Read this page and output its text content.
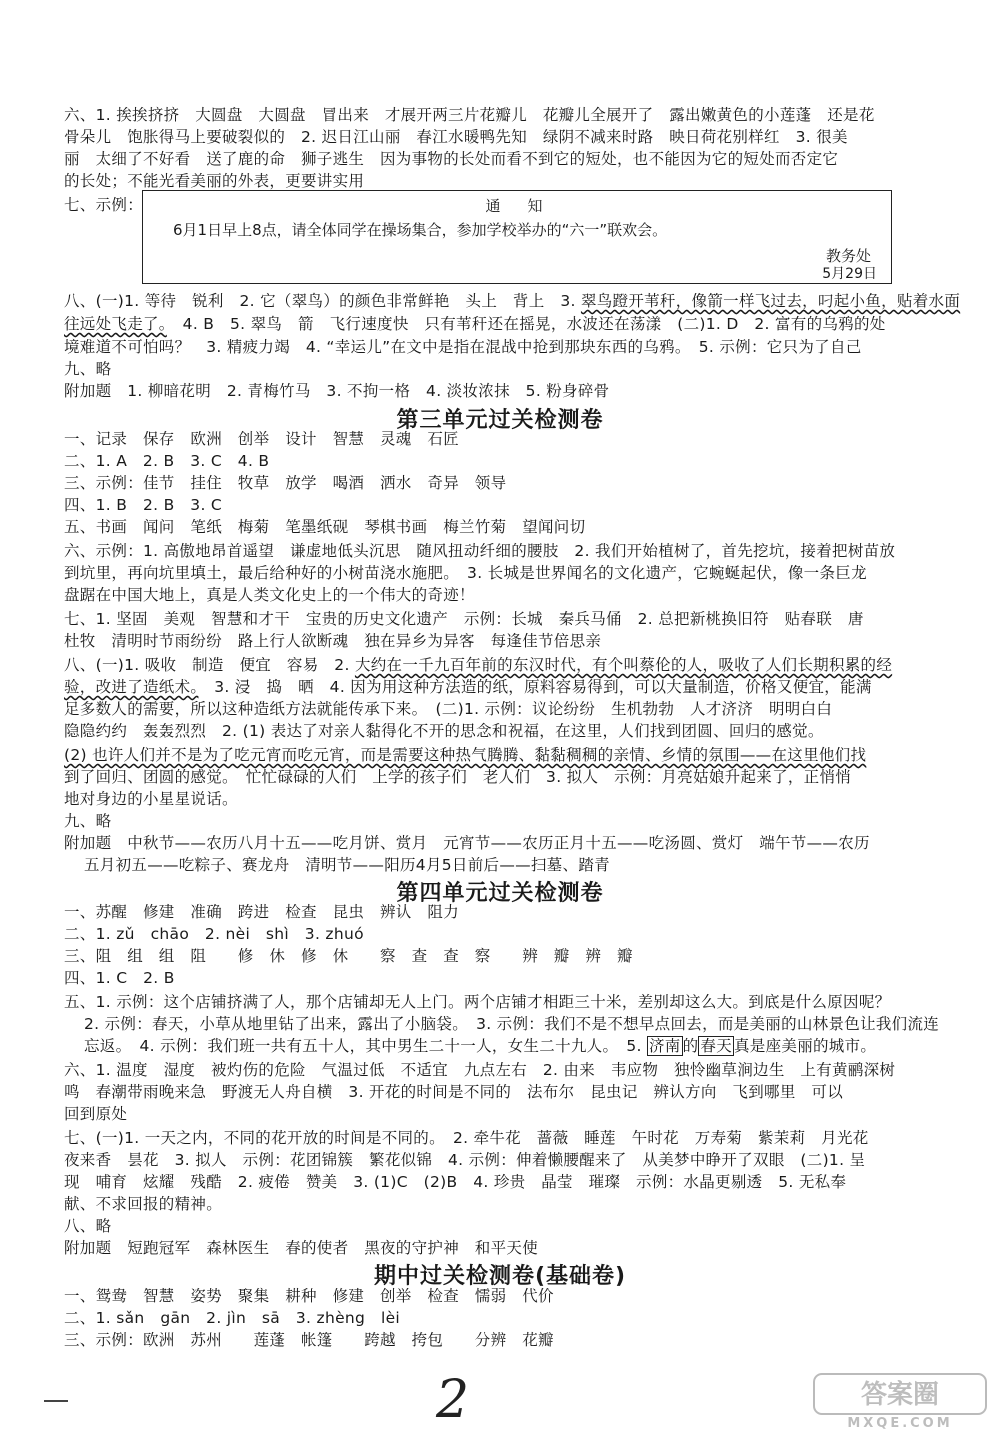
六、1. 挨挨挤挤　大圆盘　大圆盘　冒出来　才展开两三片花瓣儿　花瓣儿全展开了　露出嫩黄色的小莲蓬　还是花
骨朵儿　饱胀得马上要破裂似的　2. 迟日江山丽　春江水暖鸭先知　绿阴不减来时路　映日荷花别样红　3. 很美
丽　太细了不好看　送了鹿的命　狮子逃生　因为事物的长处而看不到它的短处，也不能因为它的短处而否定它
的长处；不能光看美丽的外表，更要讲实用
七、示例：	通　知
6月1日早上8点，请全体同学在操场集合，参加学校举办的“六一”联欢会。
教务处
5月29日
八、(一)1. 等待　锐利　2. 它（翠鸟）的颜色非常鲜艳　头上　背上　3. 翠鸟蹬开苇秆，像箭一样飞过去，叼起小鱼，贴着水面
往远处飞走了。　4. B　5. 翠鸟　箭　飞行速度快　只有苇秆还在摇晃，水波还在荡漾　(二)1. D　2. 富有的乌鸦的处
境难道不可怕吗？　3. 精疲力竭　4. “幸运儿”在文中是指在混战中抢到那块东西的乌鸦。　5. 示例：它只为了自己
九、略
附加题　1. 柳暗花明　2. 青梅竹马　3. 不拘一格　4. 淡妆浓抹　5. 粉身碎骨
第三单元过关检测卷
一、记录　保存　欧洲　创举　设计　智慧　灵魂　石匠
二、1. A　2. B　3. C　4. B
三、示例：佳节　挂住　牧草　放学　喝酒　洒水　奇异　领导
四、1. B　2. B　3. C
五、书画　闻问　笔纸　梅菊　笔墨纸砚　琴棋书画　梅兰竹菊　望闻问切
六、示例：1. 高傲地昂首遥望　谦虚地低头沉思　随风扭动纤细的腰肢　2. 我们开始植树了，首先挖坑，接着把树苗放
到坑里，再向坑里填土，最后给种好的小树苗浇水施肥。　3. 长城是世界闻名的文化遗产，它蜿蜒起伏，像一条巨龙
盘踞在中国大地上，真是人类文化史上的一个伟大的奇迹！
七、1. 坚固　美观　智慧和才干　宝贵的历史文化遗产　示例：长城　秦兵马俑　2. 总把新桃换旧符　贴春联　唐
杜牧　清明时节雨纷纷　路上行人欲断魂　独在异乡为异客　每逢佳节倍思亲
八、(一)1. 吸收　制造　便宜　容易　2. 大约在一千九百年前的东汉时代，有个叫蔡伦的人，吸收了人们长期积累的经
验，改进了造纸术。　3. 浸　捣　晒　4. 因为用这种方法造的纸，原料容易得到，可以大量制造，价格又便宜，能满
足多数人的需要，所以这种造纸方法就能传承下来。　(二)1. 示例：议论纷纷　生机勃勃　人才济济　明明白白
隐隐约约　轰轰烈烈　2. (1) 表达了对亲人黏得化不开的思念和祝福，在这里，人们找到团圆、回归的感觉。
(2) 也许人们并不是为了吃元宵而吃元宵，而是需要这种热气腾腾、黏黏稠稠的亲情、乡情的氛围——在这里他们找
到了回归、团圆的感觉。　忙忙碌碌的人们　上学的孩子们　老人们　3. 拟人　示例：月亮姑娘升起来了，正悄悄
地对身边的小星星说话。
九、略
附加题　中秋节——农历八月十五——吃月饼、赏月　元宵节——农历正月十五——吃汤圆、赏灯　端午节——农历
五月初五——吃粽子、赛龙舟　清明节——阳历4月5日前后——扫墓、踏青
第四单元过关检测卷
一、苏醒　修建　准确　跨进　检查　昆虫　辨认　阻力
二、1. zǔ　chāo　2. nèi　shì　3. zhuó
三、阻　组　组　阻　　修　休　修　休　　察　查　查　察　　辨　瓣　辨　瓣
四、1. C　2. B
五、1. 示例：这个店铺挤满了人，那个店铺却无人上门。两个店铺才相距三十米，差别却这么大。到底是什么原因呢？
2. 示例：春天，小草从地里钻了出来，露出了小脑袋。　3. 示例：我们不是不想早点回去，而是美丽的山林景色让我们流连
忘返。　4. 示例：我们班一共有五十人，其中男生二十一人，女生二十九人。　 5. 济南 的 春天 真是座美丽的城市。
六、1. 温度　湿度　被灼伤的危险　气温过低　不适宜　九点左右　2. 由来　韦应物　独怜幽草涧边生　上有黄鹂深树
鸣　春潮带雨晚来急　野渡无人舟自横　3. 开花的时间是不同的　法布尔　昆虫记　辨认方向　飞到哪里　可以
回到原处
七、(一)1. 一天之内，不同的花开放的时间是不同的。　2. 牵牛花　蔷薇　睡莲　午时花　万寿菊　紫茉莉　月光花
夜来香　昙花　3. 拟人　示例：花团锦簇　繁花似锦　4. 示例：伸着懒腰醒来了　从美梦中睁开了双眼　(二)1. 呈
现　哺育　炫耀　残酷　2. 疲倦　赞美　3. (1)C　(2)B　4. 珍贵　晶莹　璀璨　示例：水晶更剔透　5. 无私奉
献、不求回报的精神。
八、略
附加题　短跑冠军　森林医生　春的使者　黑夜的守护神　和平天使
期中过关检测卷(基础卷)
一、鸳鸯　智慧　姿势　聚集　耕种　修建　创举　检查　懦弱　代价
二、1. sǎn　gān　2. jìn　sā　3. zhèng　lèi
三、示例：欧洲　苏州　　莲蓬　帐篷　　跨越　挎包　　分辨　花瓣
2	答案圈
MXQE.COM
